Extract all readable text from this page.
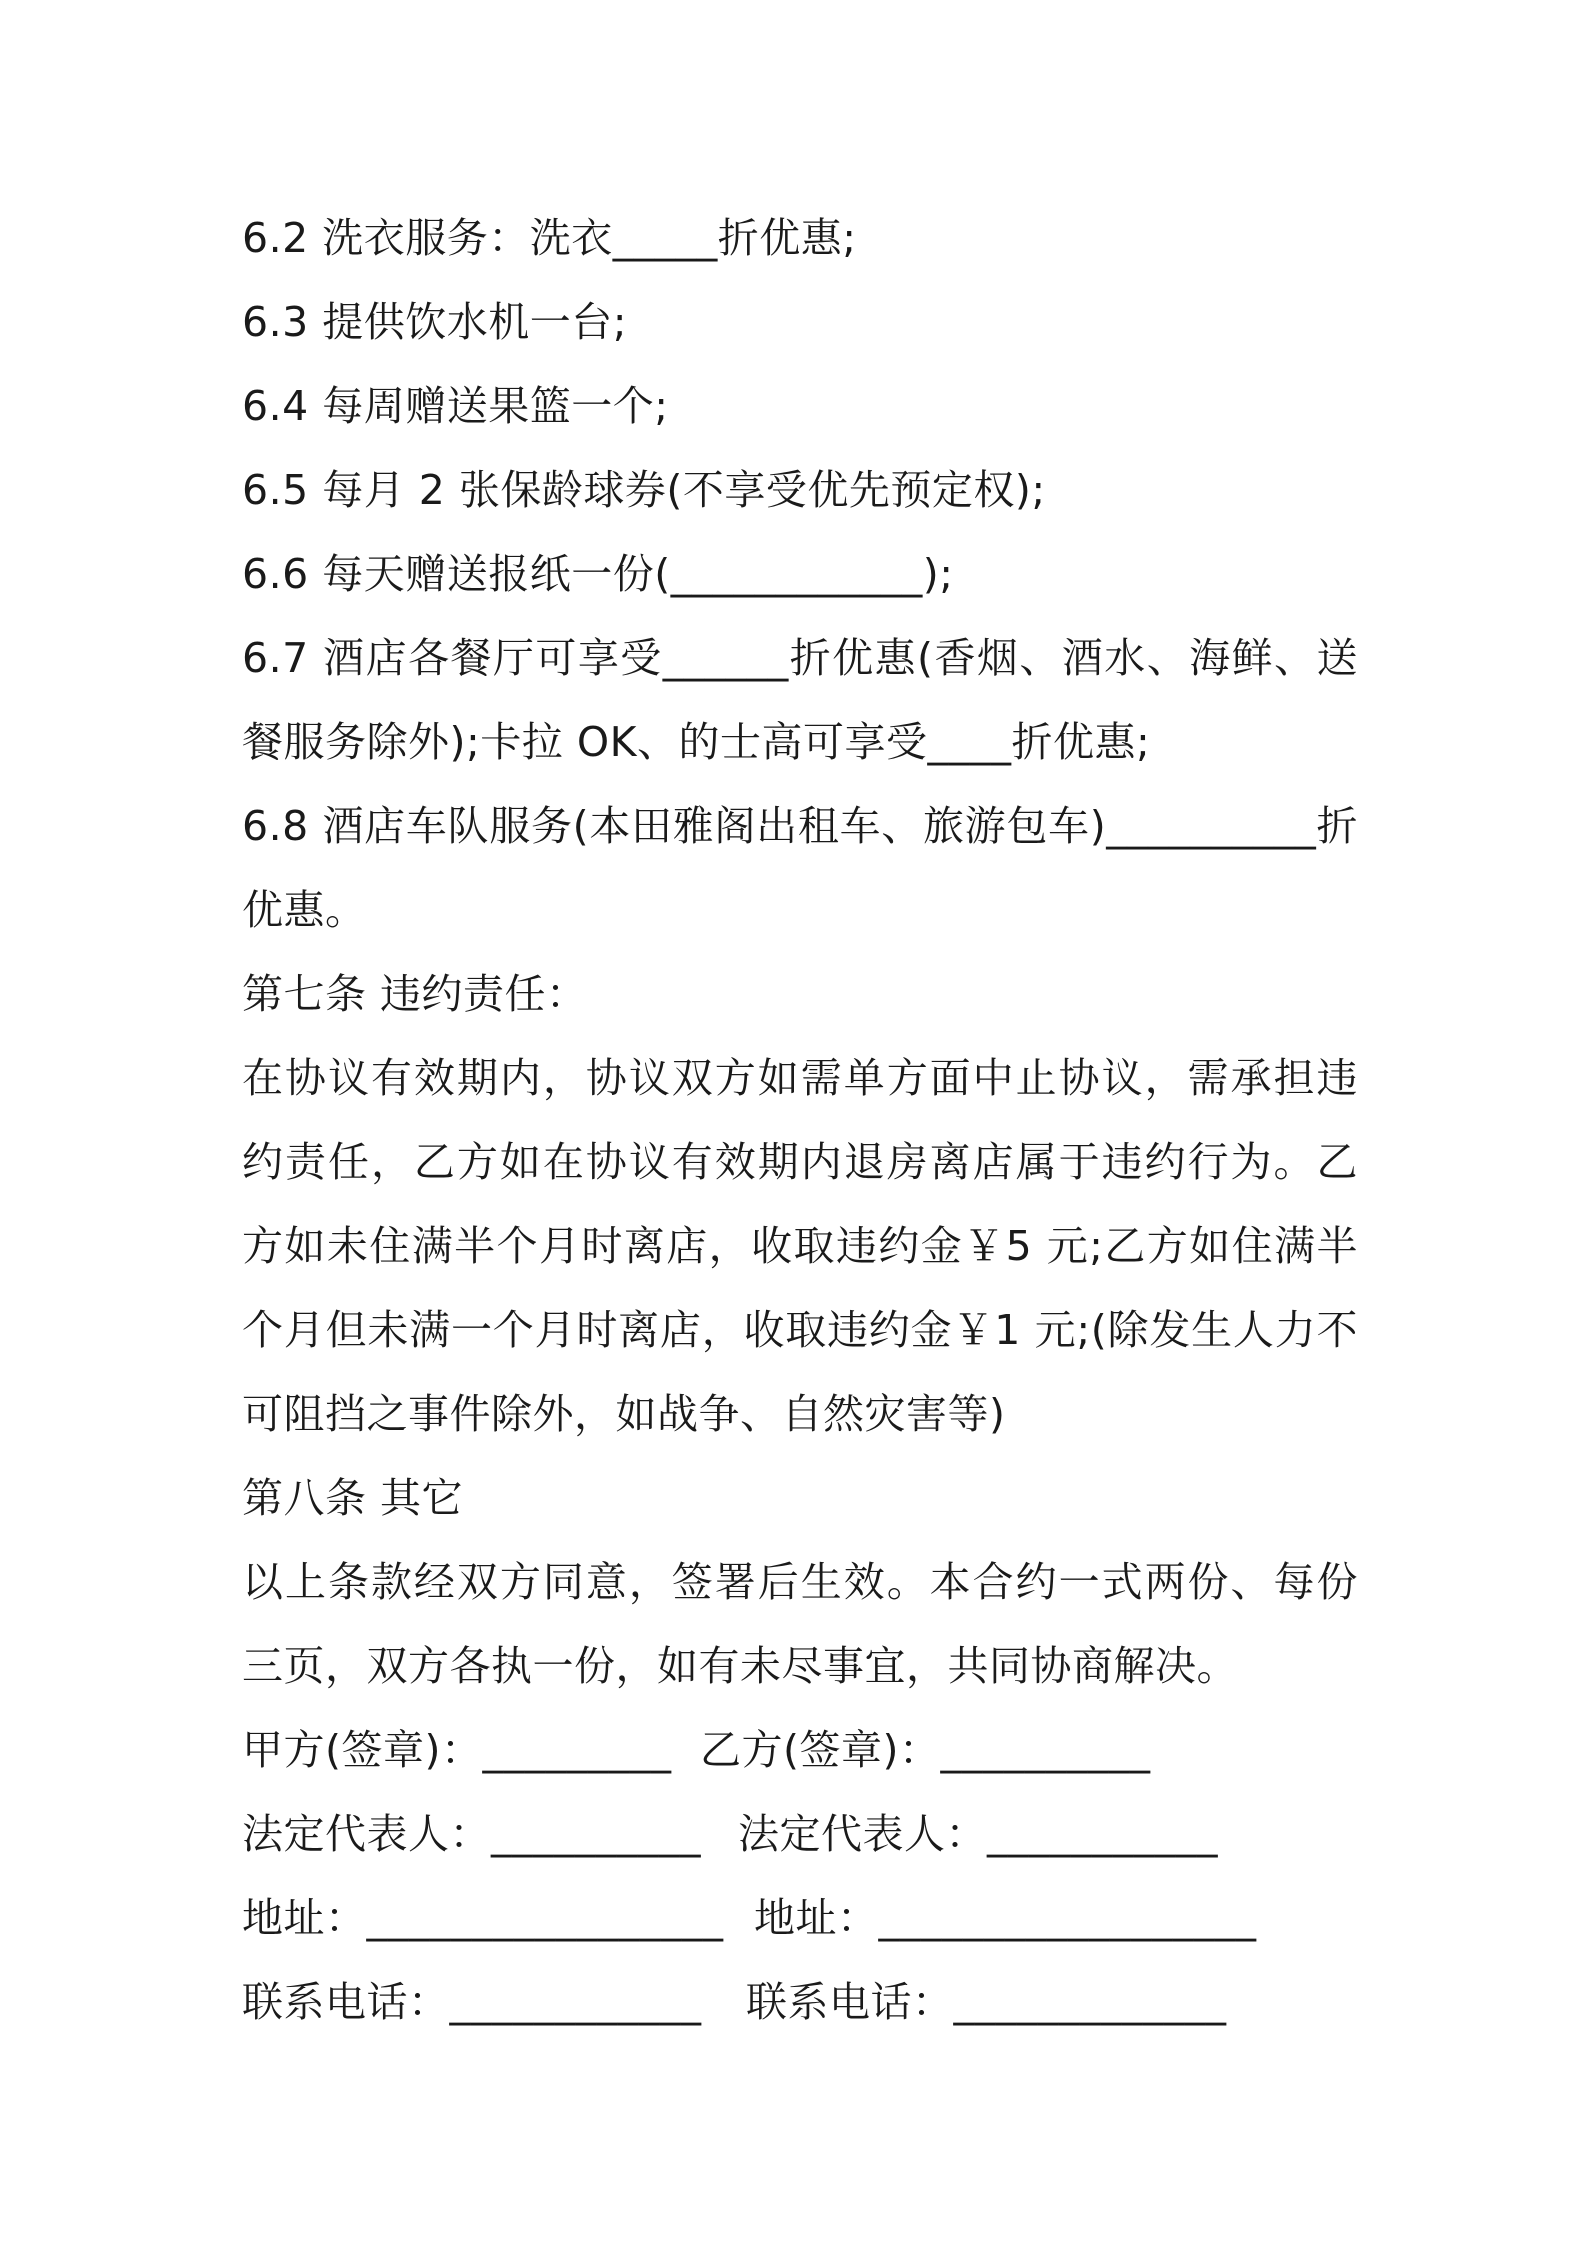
6.2 洗衣服务：洗衣_____折优惠;
6.3 提供饮水机一台;
6.4 每周赠送果篮一个;
6.5 每月 2 张保龄球券(不享受优先预定权);
6.6 每天赠送报纸一份(____________);
6.7 酒店各餐厅可享受______折优惠(香烟、酒水、海鲜、送餐服务除外);卡拉 OK、的士高可享受____折优惠;
6.8 酒店车队服务(本田雅阁出租车、旅游包车)__________折优惠。
第七条 违约责任：
在协议有效期内，协议双方如需单方面中止协议，需承担违约责任，乙方如在协议有效期内退房离店属于违约行为。乙方如未住满半个月时离店，收取违约金￥5 元;乙方如住满半个月但未满一个月时离店，收取违约金￥1 元;(除发生人力不可阻挡之事件除外，如战争、自然灾害等)
第八条 其它
以上条款经双方同意，签署后生效。本合约一式两份、每份三页，双方各执一份，如有未尽事宜，共同协商解决。
甲方(签章)：_________ 乙方(签章)：__________
法定代表人：__________ 法定代表人：___________
地址：_________________ 地址：__________________
联系电话：____________ 联系电话：_____________
